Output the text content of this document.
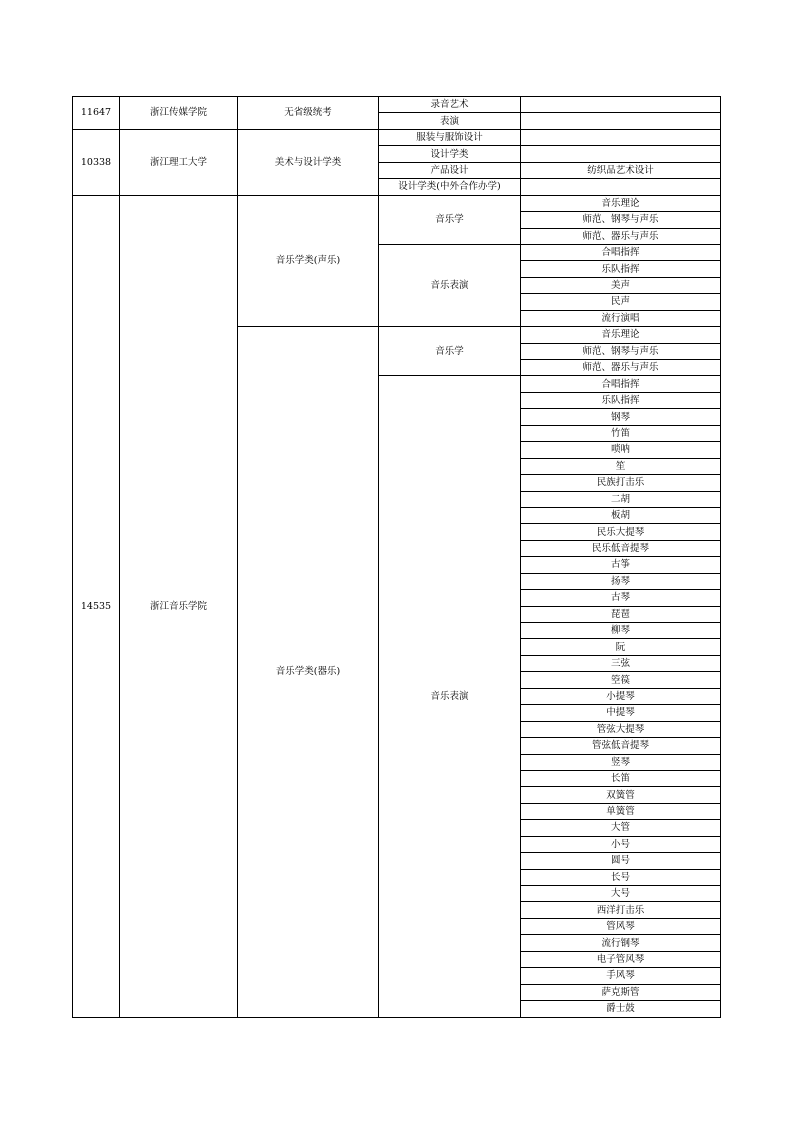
11647	浙江传媒学院	无省级统考	录音艺术	
			表演	
10338	浙江理工大学	美术与设计学类	服装与服饰设计	
			设计学类	
			产品设计	纺织品艺术设计
			设计学类(中外合作办学)	
14535	浙江音乐学院	音乐学类(声乐)	音乐学	音乐理论
				师范、钢琴与声乐
				师范、器乐与声乐
			音乐表演	合唱指挥
				乐队指挥
				美声
				民声
				流行演唱
		音乐学类(器乐)	音乐学	音乐理论
				师范、钢琴与声乐
				师范、器乐与声乐
			音乐表演	合唱指挥
				乐队指挥
				钢琴
				竹笛
				唢呐
				笙
				民族打击乐
				二胡
				板胡
				民乐大提琴
				民乐低音提琴
				古筝
				扬琴
				古琴
				琵琶
				柳琴
				阮
				三弦
				箜篌
				小提琴
				中提琴
				管弦大提琴
				管弦低音提琴
				竖琴
				长笛
				双簧管
				单簧管
				大管
				小号
				圆号
				长号
				大号
				西洋打击乐
				管风琴
				流行钢琴
				电子管风琴
				手风琴
				萨克斯管
				爵士鼓
